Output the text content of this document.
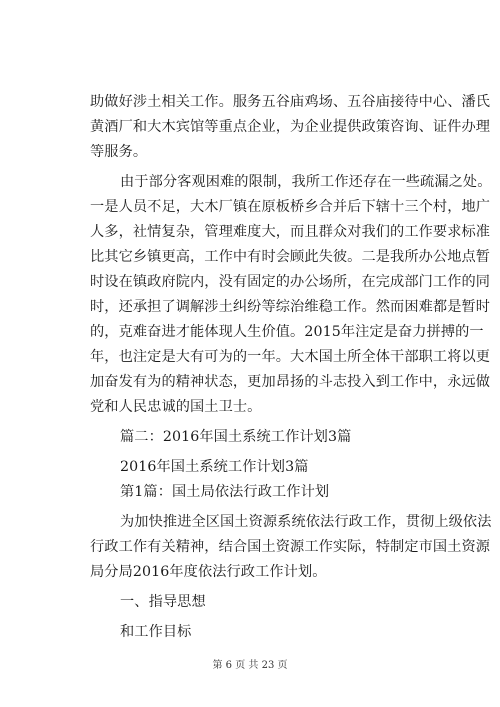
助做好涉土相关工作。服务五谷庙鸡场、五谷庙接待中心、潘氏
黄酒厂和大木宾馆等重点企业，为企业提供政策咨询、证件办理
等服务。
由于部分客观困难的限制，我所工作还存在一些疏漏之处。
一是人员不足，大木厂镇在原板桥乡合并后下辖十三个村，地广
人多，社情复杂，管理难度大，而且群众对我们的工作要求标准
比其它乡镇更高，工作中有时会顾此失彼。二是我所办公地点暂
时设在镇政府院内，没有固定的办公场所，在完成部门工作的同
时，还承担了调解涉土纠纷等综治维稳工作。然而困难都是暂时
的，克难奋进才能体现人生价值。2015年注定是奋力拼搏的一
年，也注定是大有可为的一年。大木国土所全体干部职工将以更
加奋发有为的精神状态，更加昂扬的斗志投入到工作中，永远做
党和人民忠诚的国土卫士。
篇二：2016年国土系统工作计划3篇
2016年国土系统工作计划3篇
第1篇：国土局依法行政工作计划
为加快推进全区国土资源系统依法行政工作，贯彻上级依法
行政工作有关精神，结合国土资源工作实际，特制定市国土资源
局分局2016年度依法行政工作计划。
一、指导思想
和工作目标
第 6 页 共 23 页
